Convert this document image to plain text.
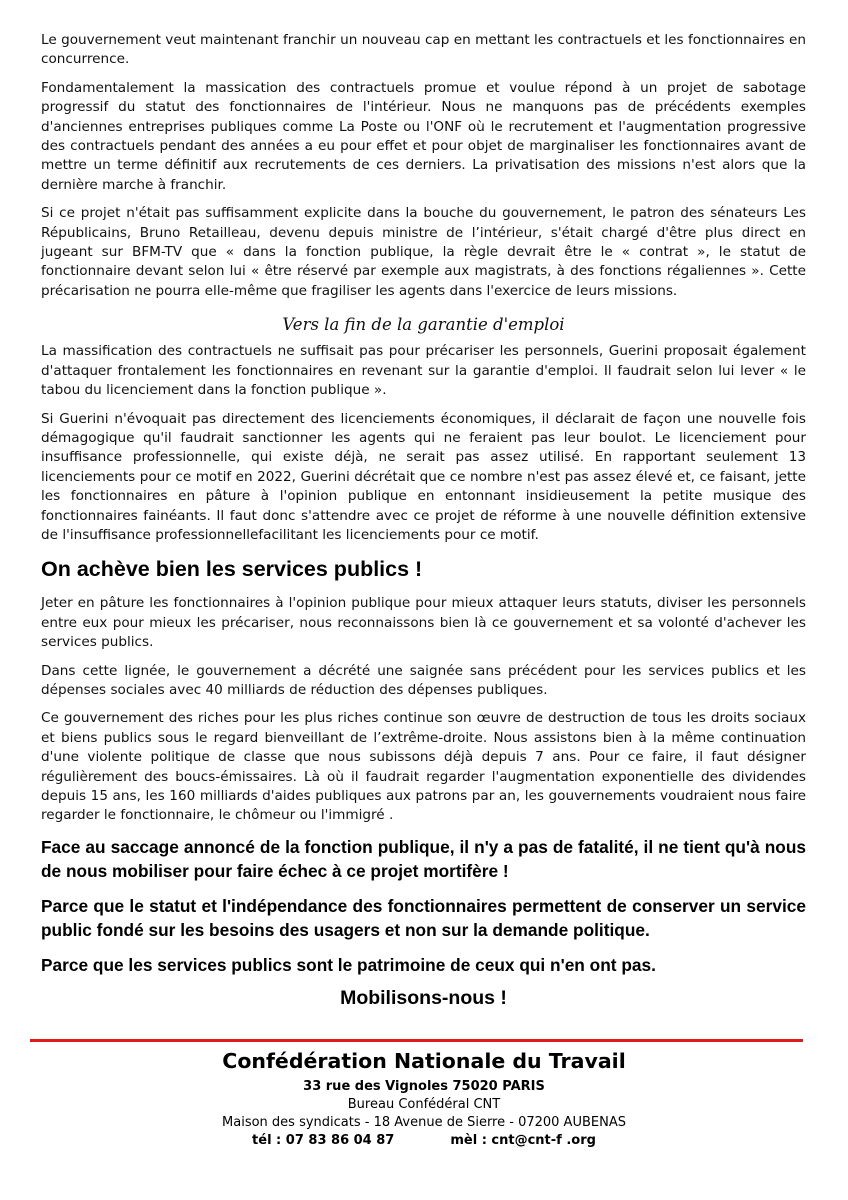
Le gouvernement veut maintenant franchir un nouveau cap en mettant les contractuels et les fonctionnaires en concurrence.

Fondamentalement la massication des contractuels promue et voulue répond à un projet de sabotage progressif du statut des fonctionnaires de l'intérieur. Nous ne manquons pas de précédents exemples d'anciennes entreprises publiques comme La Poste ou l'ONF où le recrutement et l'augmentation progressive des contractuels pendant des années a eu pour effet et pour objet de marginaliser les fonctionnaires avant de mettre un terme définitif aux recrutements de ces derniers. La privatisation des missions n'est alors que la dernière marche à franchir.

Si ce projet n'était pas suffisamment explicite dans la bouche du gouvernement, le patron des sénateurs Les Républicains, Bruno Retailleau, devenu depuis ministre de l’intérieur, s'était chargé d'être plus direct en jugeant sur BFM-TV que « dans la fonction publique, la règle devrait être le « contrat », le statut de fonctionnaire devant selon lui « être réservé par exemple aux magistrats, à des fonctions régaliennes ». Cette précarisation ne pourra elle-même que fragiliser les agents dans l'exercice de leurs missions.

Vers la fin de la garantie d'emploi

La massification des contractuels ne suffisait pas pour précariser les personnels, Guerini proposait également d'attaquer frontalement les fonctionnaires en revenant sur la garantie d'emploi. Il faudrait selon lui lever « le tabou du licenciement dans la fonction publique ».

Si Guerini n'évoquait pas directement des licenciements économiques, il déclarait de façon une nouvelle fois démagogique qu'il faudrait sanctionner les agents qui ne feraient pas leur boulot. Le licenciement pour insuffisance professionnelle, qui existe déjà, ne serait pas assez utilisé. En rapportant seulement 13 licenciements pour ce motif en 2022, Guerini décrétait que ce nombre n'est pas assez élevé et, ce faisant, jette les fonctionnaires en pâture à l'opinion publique en entonnant insidieusement la petite musique des fonctionnaires fainéants. Il faut donc s'attendre avec ce projet de réforme à une nouvelle définition extensive de l'insuffisance professionnellefacilitant les licenciements pour ce motif.

On achève bien les services publics !

Jeter en pâture les fonctionnaires à l'opinion publique pour mieux attaquer leurs statuts, diviser les personnels entre eux pour mieux les précariser, nous reconnaissons bien là ce gouvernement et sa volonté d'achever les services publics.

Dans cette lignée, le gouvernement a décrété une saignée sans précédent pour les services publics et les dépenses sociales avec 40 milliards de réduction des dépenses publiques.

Ce gouvernement des riches pour les plus riches continue son œuvre de destruction de tous les droits sociaux et biens publics sous le regard bienveillant de l’extrême-droite. Nous assistons bien à la même continuation d'une violente politique de classe que nous subissons déjà depuis 7 ans. Pour ce faire, il faut désigner régulièrement des boucs-émissaires. Là où il faudrait regarder l'augmentation exponentielle des dividendes depuis 15 ans, les 160 milliards d'aides publiques aux patrons par an, les gouvernements voudraient nous faire regarder le fonctionnaire, le chômeur ou l'immigré .

Face au saccage annoncé de la fonction publique, il n'y a pas de fatalité, il ne tient qu'à nous de nous mobiliser pour faire échec à ce projet mortifère !

Parce que le statut et l'indépendance des fonctionnaires permettent de conserver un service public fondé sur les besoins des usagers et non sur la demande politique.

Parce que les services publics sont le patrimoine de ceux qui n'en ont pas.

Mobilisons-nous !

Confédération Nationale du Travail
33 rue des Vignoles 75020 PARIS
Bureau Confédéral CNT
Maison des syndicats - 18 Avenue de Sierre - 07200 AUBENAS
tél : 07 83 86 04 87	mèl : cnt@cnt-f .org
